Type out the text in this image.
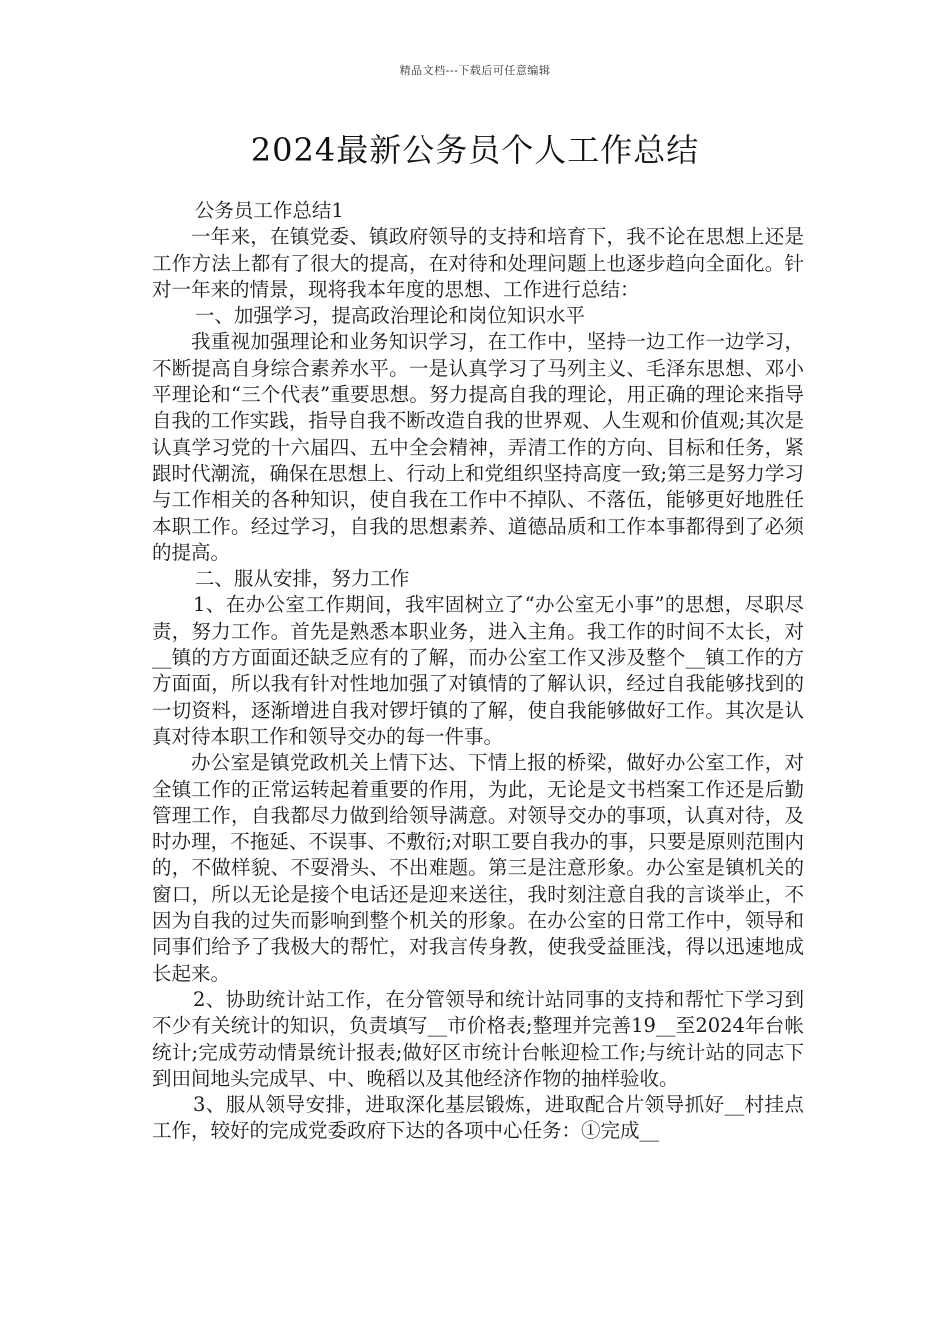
精品文档---下载后可任意编辑
2024最新公务员个人工作总结

公务员工作总结1

一年来，在镇党委、镇政府领导的支持和培育下，我不论在思想上还是工作方法上都有了很大的提高，在对待和处理问题上也逐步趋向全面化。针对一年来的情景，现将我本年度的思想、工作进行总结：

一、加强学习，提高政治理论和岗位知识水平

我重视加强理论和业务知识学习，在工作中，坚持一边工作一边学习，不断提高自身综合素养水平。一是认真学习了马列主义、毛泽东思想、邓小平理论和“三个代表”重要思想。努力提高自我的理论，用正确的理论来指导自我的工作实践，指导自我不断改造自我的世界观、人生观和价值观;其次是认真学习党的十六届四、五中全会精神，弄清工作的方向、目标和任务，紧跟时代潮流，确保在思想上、行动上和党组织坚持高度一致;第三是努力学习与工作相关的各种知识，使自我在工作中不掉队、不落伍，能够更好地胜任本职工作。经过学习，自我的思想素养、道德品质和工作本事都得到了必须的提高。

二、服从安排，努力工作

1、在办公室工作期间，我牢固树立了“办公室无小事”的思想，尽职尽责，努力工作。首先是熟悉本职业务，进入主角。我工作的时间不太长，对__镇的方方面面还缺乏应有的了解，而办公室工作又涉及整个__镇工作的方方面面，所以我有针对性地加强了对镇情的了解认识，经过自我能够找到的一切资料，逐渐增进自我对锣圩镇的了解，使自我能够做好工作。其次是认真对待本职工作和领导交办的每一件事。

办公室是镇党政机关上情下达、下情上报的桥梁，做好办公室工作，对全镇工作的正常运转起着重要的作用，为此，无论是文书档案工作还是后勤管理工作，自我都尽力做到给领导满意。对领导交办的事项，认真对待，及时办理，不拖延、不误事、不敷衍;对职工要自我办的事，只要是原则范围内的，不做样貌、不耍滑头、不出难题。第三是注意形象。办公室是镇机关的窗口，所以无论是接个电话还是迎来送往，我时刻注意自我的言谈举止，不因为自我的过失而影响到整个机关的形象。在办公室的日常工作中，领导和同事们给予了我极大的帮忙，对我言传身教，使我受益匪浅，得以迅速地成长起来。

2、协助统计站工作，在分管领导和统计站同事的支持和帮忙下学习到不少有关统计的知识，负责填写__市价格表;整理并完善19__至2024年台帐统计;完成劳动情景统计报表;做好区市统计台帐迎检工作;与统计站的同志下到田间地头完成早、中、晚稻以及其他经济作物的抽样验收。

3、服从领导安排，进取深化基层锻炼，进取配合片领导抓好__村挂点工作，较好的完成党委政府下达的各项中心任务：①完成__
